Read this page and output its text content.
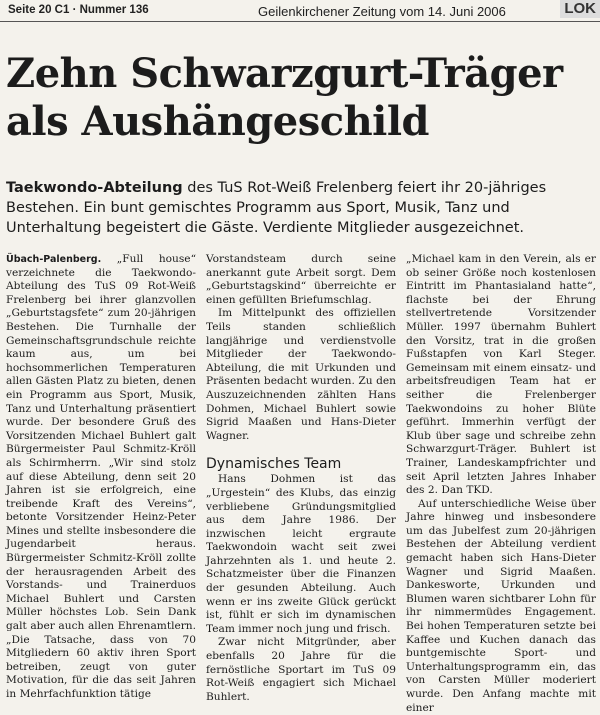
Seite 20 C1 · Nummer 136	Geilenkirchener Zeitung vom 14. Juni 2006	LOK
Zehn Schwarzgurt-Träger
als Aushängeschild
Taekwondo-Abteilung des TuS Rot-Weiß Frelenberg feiert ihr 20-jähriges Bestehen. Ein bunt gemischtes Programm aus Sport, Musik, Tanz und Unterhaltung begeistert die Gäste. Verdiente Mitglieder ausgezeichnet.

Übach-Palenberg. „Full house“ verzeichnete die Taekwondo-Abteilung des TuS 09 Rot-Weiß Frelenberg bei ihrer glanzvollen „Geburtstagsfete“ zum 20-jährigen Bestehen. Die Turnhalle der Gemeinschaftsgrundschule reichte kaum aus, um bei hochsommerlichen Temperaturen allen Gästen Platz zu bieten, denen ein Programm aus Sport, Musik, Tanz und Unterhaltung präsentiert wurde. Der besondere Gruß des Vorsitzenden Michael Buhlert galt Bürgermeister Paul Schmitz-Kröll als Schirmherrn. „Wir sind stolz auf diese Abteilung, denn seit 20 Jahren ist sie erfolgreich, eine treibende Kraft des Vereins“, betonte Vorsitzender Heinz-Peter Mines und stellte insbesondere die Jugendarbeit heraus. Bürgermeister Schmitz-Kröll zollte der herausragenden Arbeit des Vorstands- und Trainerduos Michael Buhlert und Carsten Müller höchstes Lob. Sein Dank galt aber auch allen Ehrenamtlern. „Die Tatsache, dass von 70 Mitgliedern 60 aktiv ihren Sport betreiben, zeugt von guter Motivation, für die das seit Jahren in Mehrfachfunktion tätige

Vorstandsteam durch seine anerkannt gute Arbeit sorgt. Dem „Geburtstagskind“ überreichte er einen gefüllten Briefumschlag.

Im Mittelpunkt des offiziellen Teils standen schließlich langjährige und verdienstvolle Mitglieder der Taekwondo-Abteilung, die mit Urkunden und Präsenten bedacht wurden. Zu den Auszuzeichnenden zählten Hans Dohmen, Michael Buhlert sowie Sigrid Maaßen und Hans-Dieter Wagner.

Dynamisches Team

Hans Dohmen ist das „Urgestein“ des Klubs, das einzig verbliebene Gründungsmitglied aus dem Jahre 1986. Der inzwischen leicht ergraute Taekwondoin wacht seit zwei Jahrzehnten als 1. und heute 2. Schatzmeister über die Finanzen der gesunden Abteilung. Auch wenn er ins zweite Glück gerückt ist, fühlt er sich im dynamischen Team immer noch jung und frisch.

Zwar nicht Mitgründer, aber ebenfalls 20 Jahre für die fernöstliche Sportart im TuS 09 Rot-Weiß engagiert sich Michael Buhlert.

„Michael kam in den Verein, als er ob seiner Größe noch kostenlosen Eintritt im Phantasialand hatte“, flachste bei der Ehrung stellvertretende Vorsitzender Müller. 1997 übernahm Buhlert den Vorsitz, trat in die großen Fußstapfen von Karl Steger. Gemeinsam mit einem einsatz- und arbeitsfreudigen Team hat er seither die Frelenberger Taekwondoins zu hoher Blüte geführt. Immerhin verfügt der Klub über sage und schreibe zehn Schwarzgurt-Träger. Buhlert ist Trainer, Landeskampfrichter und seit April letzten Jahres Inhaber des 2. Dan TKD.

Auf unterschiedliche Weise über Jahre hinweg und insbesondere um das Jubelfest zum 20-jährigen Bestehen der Abteilung verdient gemacht haben sich Hans-Dieter Wagner und Sigrid Maaßen. Dankesworte, Urkunden und Blumen waren sichtbarer Lohn für ihr nimmermüdes Engagement. Bei hohen Temperaturen setzte bei Kaffee und Kuchen danach das buntgemischte Sport- und Unterhaltungsprogramm ein, das von Carsten Müller moderiert wurde. Den Anfang machte mit einer
